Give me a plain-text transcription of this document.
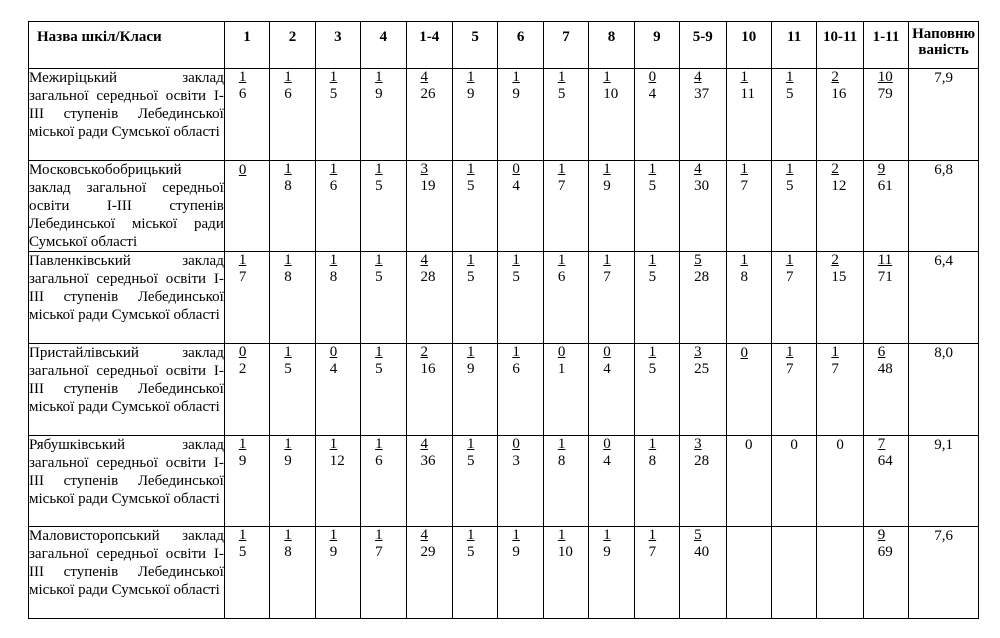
Назва шкіл/Класи	1	2	3	4	1-4	5	6	7	8	9	5-9	10	11	10-11	1-11	Наповню ваність
Межиріцький заклад загальної середньої освіти І-ІІІ ступенів Лебединської міської ради Сумської області	$\frac{1}{6}$	$\frac{1}{6}$	$\frac{1}{5}$	$\frac{1}{9}$	$\frac{4}{26}$	$\frac{1}{9}$	$\frac{1}{9}$	$\frac{1}{5}$	$\frac{1}{10}$	$\frac{0}{4}$	$\frac{4}{37}$	$\frac{1}{11}$	$\frac{1}{5}$	$\frac{2}{16}$	$\frac{10}{79}$	7,9
Московськобобрицький заклад загальної середньої освіти І-ІІІ ступенів Лебединської міської ради Сумської області	0	$\frac{1}{8}$	$\frac{1}{6}$	$\frac{1}{5}$	$\frac{3}{19}$	$\frac{1}{5}$	$\frac{0}{4}$	$\frac{1}{7}$	$\frac{1}{9}$	$\frac{1}{5}$	$\frac{4}{30}$	$\frac{1}{7}$	$\frac{1}{5}$	$\frac{2}{12}$	$\frac{9}{61}$	6,8
Павленківський заклад загальної середньої освіти І-ІІІ ступенів Лебединської міської ради Сумської області	$\frac{1}{7}$	$\frac{1}{8}$	$\frac{1}{8}$	$\frac{1}{5}$	$\frac{4}{28}$	$\frac{1}{5}$	$\frac{1}{5}$	$\frac{1}{6}$	$\frac{1}{7}$	$\frac{1}{5}$	$\frac{5}{28}$	$\frac{1}{8}$	$\frac{1}{7}$	$\frac{2}{15}$	$\frac{11}{71}$	6,4
Пристайлівський заклад загальної середньої освіти І-ІІІ ступенів Лебединської міської ради Сумської області	$\frac{0}{2}$	$\frac{1}{5}$	$\frac{0}{4}$	$\frac{1}{5}$	$\frac{2}{16}$	$\frac{1}{9}$	$\frac{1}{6}$	$\frac{0}{1}$	$\frac{0}{4}$	$\frac{1}{5}$	$\frac{3}{25}$	0	$\frac{1}{7}$	$\frac{1}{7}$	$\frac{6}{48}$	8,0
Рябушківський заклад загальної середньої освіти І-ІІІ ступенів Лебединської міської ради Сумської області	$\frac{1}{9}$	$\frac{1}{9}$	$\frac{1}{12}$	$\frac{1}{6}$	$\frac{4}{36}$	$\frac{1}{5}$	$\frac{0}{3}$	$\frac{1}{8}$	$\frac{0}{4}$	$\frac{1}{8}$	$\frac{3}{28}$	0	0	0	$\frac{7}{64}$	9,1
Маловисторопський заклад загальної середньої освіти І-ІІІ ступенів Лебединської міської ради Сумської області	$\frac{1}{5}$	$\frac{1}{8}$	$\frac{1}{9}$	$\frac{1}{7}$	$\frac{4}{29}$	$\frac{1}{5}$	$\frac{1}{9}$	$\frac{1}{10}$	$\frac{1}{9}$	$\frac{1}{7}$	$\frac{5}{40}$				$\frac{9}{69}$	7,6
